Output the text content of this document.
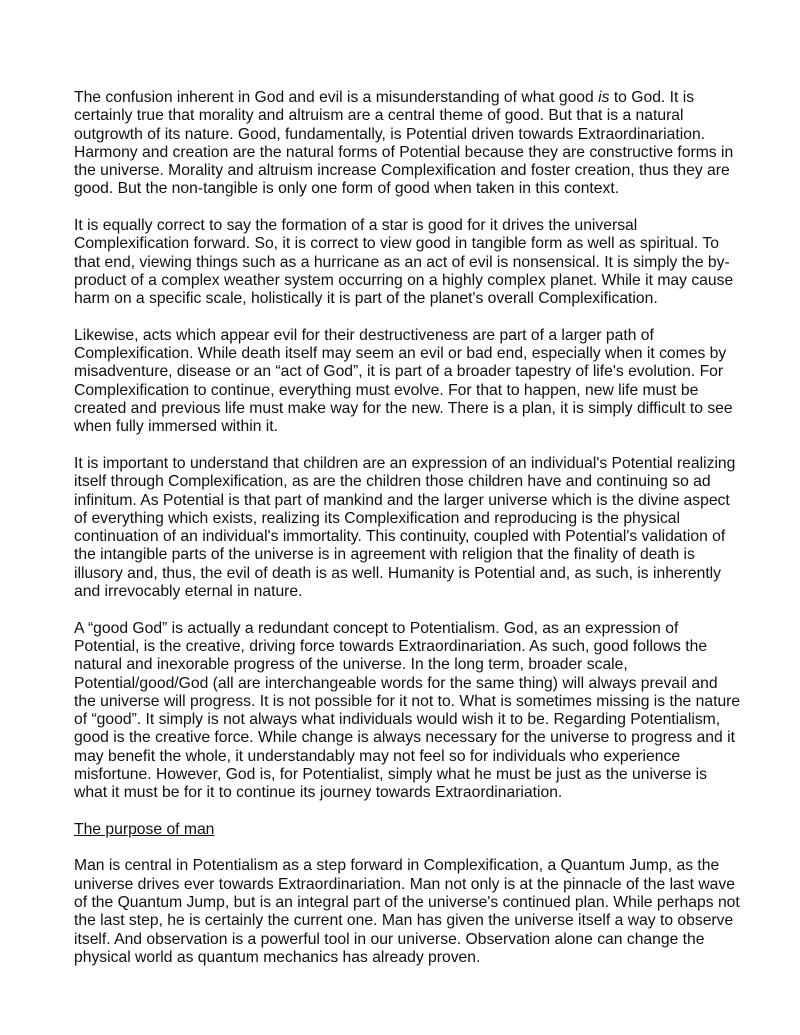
The confusion inherent in God and evil is a misunderstanding of what good is to God. It is certainly true that morality and altruism are a central theme of good. But that is a natural outgrowth of its nature. Good, fundamentally, is Potential driven towards Extraordinariation. Harmony and creation are the natural forms of Potential because they are constructive forms in the universe. Morality and altruism increase Complexification and foster creation, thus they are good. But the non-tangible is only one form of good when taken in this context.

It is equally correct to say the formation of a star is good for it drives the universal Complexification forward. So, it is correct to view good in tangible form as well as spiritual. To that end, viewing things such as a hurricane as an act of evil is nonsensical. It is simply the by-product of a complex weather system occurring on a highly complex planet. While it may cause harm on a specific scale, holistically it is part of the planet's overall Complexification.

Likewise, acts which appear evil for their destructiveness are part of a larger path of Complexification. While death itself may seem an evil or bad end, especially when it comes by misadventure, disease or an “act of God”, it is part of a broader tapestry of life's evolution. For Complexification to continue, everything must evolve. For that to happen, new life must be created and previous life must make way for the new. There is a plan, it is simply difficult to see when fully immersed within it.

It is important to understand that children are an expression of an individual's Potential realizing itself through Complexification, as are the children those children have and continuing so ad infinitum. As Potential is that part of mankind and the larger universe which is the divine aspect of everything which exists, realizing its Complexification and reproducing is the physical continuation of an individual's immortality. This continuity, coupled with Potential's validation of the intangible parts of the universe is in agreement with religion that the finality of death is illusory and, thus, the evil of death is as well. Humanity is Potential and, as such, is inherently and irrevocably eternal in nature.

A “good God” is actually a redundant concept to Potentialism. God, as an expression of Potential, is the creative, driving force towards Extraordinariation. As such, good follows the natural and inexorable progress of the universe. In the long term, broader scale, Potential/good/God (all are interchangeable words for the same thing) will always prevail and the universe will progress. It is not possible for it not to. What is sometimes missing is the nature of “good”. It simply is not always what individuals would wish it to be. Regarding Potentialism, good is the creative force. While change is always necessary for the universe to progress and it may benefit the whole, it understandably may not feel so for individuals who experience misfortune. However, God is, for Potentialist, simply what he must be just as the universe is what it must be for it to continue its journey towards Extraordinariation.

The purpose of man

Man is central in Potentialism as a step forward in Complexification, a Quantum Jump, as the universe drives ever towards Extraordinariation. Man not only is at the pinnacle of the last wave of the Quantum Jump, but is an integral part of the universe's continued plan. While perhaps not the last step, he is certainly the current one. Man has given the universe itself a way to observe itself. And observation is a powerful tool in our universe. Observation alone can change the physical world as quantum mechanics has already proven.
